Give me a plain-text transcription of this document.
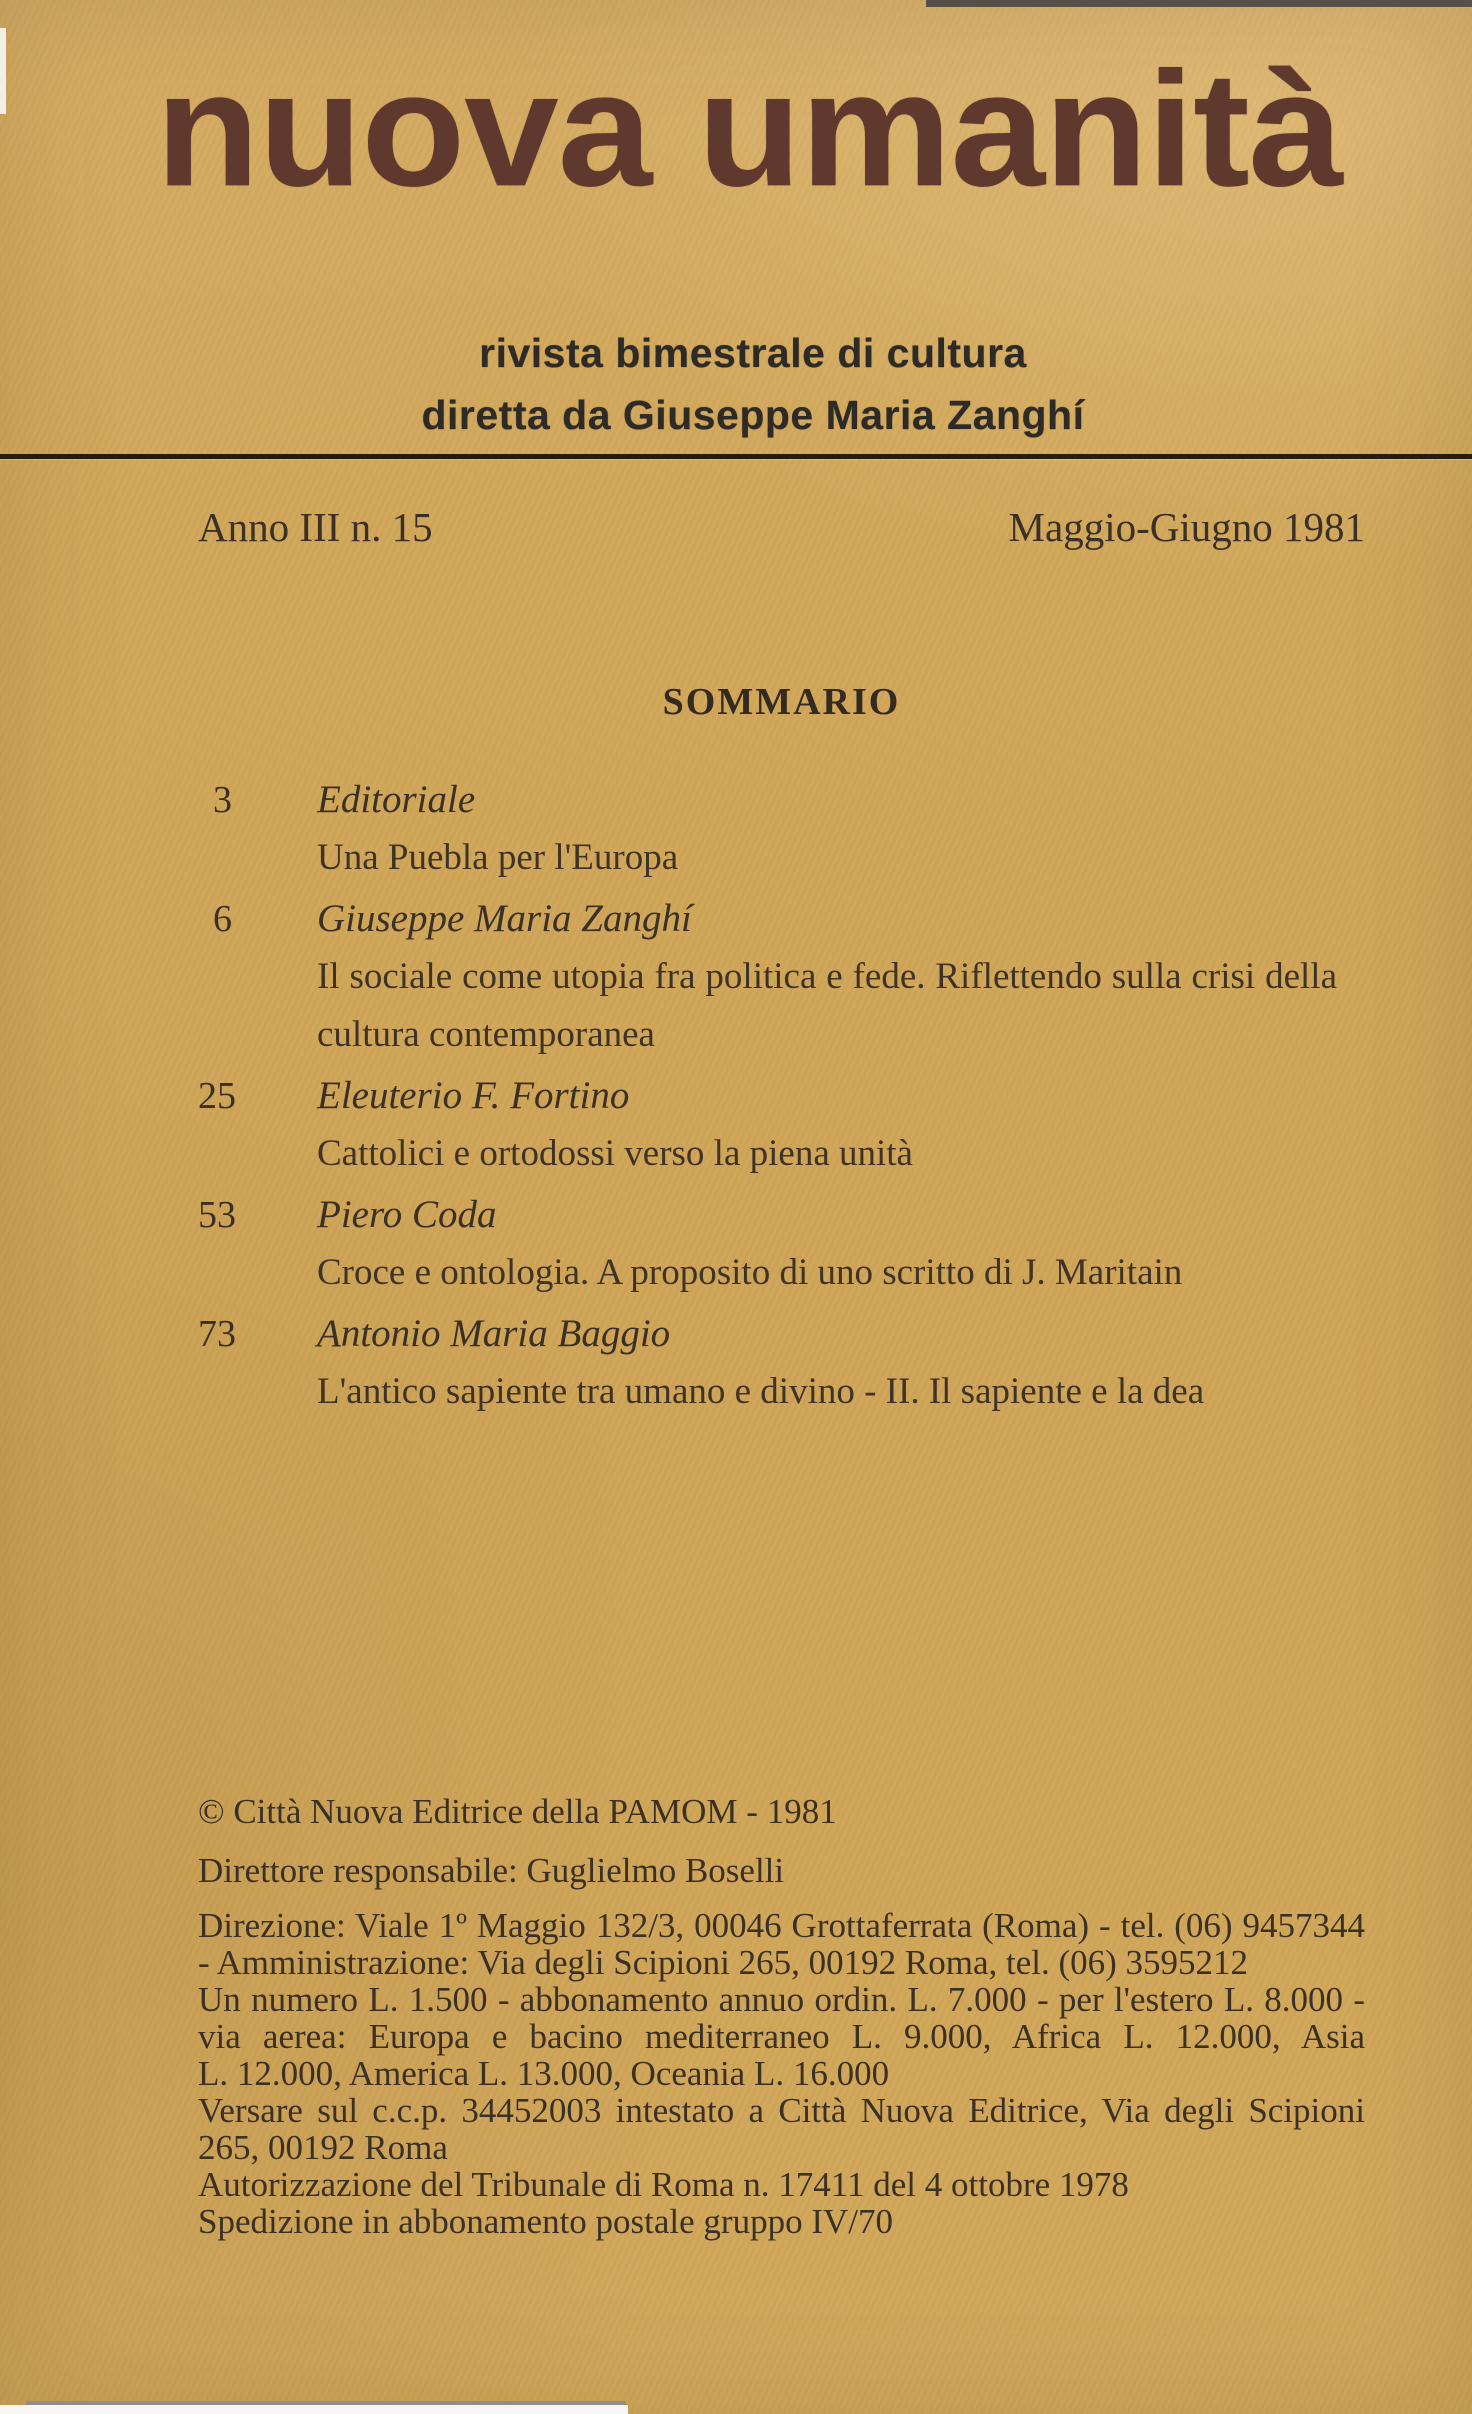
nuova umanità
rivista bimestrale di cultura
diretta da Giuseppe Maria Zanghí
Anno III n. 15	Maggio-Giugno 1981
SOMMARIO
3 Editoriale
Una Puebla per l'Europa
6 Giuseppe Maria Zanghí
Il sociale come utopia fra politica e fede. Riflettendo sulla crisi della cultura contemporanea
25 Eleuterio F. Fortino
Cattolici e ortodossi verso la piena unità
53 Piero Coda
Croce e ontologia. A proposito di uno scritto di J. Maritain
73 Antonio Maria Baggio
L'antico sapiente tra umano e divino - II. Il sapiente e la dea

© Città Nuova Editrice della PAMOM - 1981

Direttore responsabile: Guglielmo Boselli

Direzione: Viale 1º Maggio 132/3, 00046 Grottaferrata (Roma) - tel. (06) 9457344 - Amministrazione: Via degli Scipioni 265, 00192 Roma, tel. (06) 3595212

Un numero L. 1.500 - abbonamento annuo ordin. L. 7.000 - per l'estero L. 8.000 - via aerea: Europa e bacino mediterraneo L. 9.000, Africa L. 12.000, Asia L. 12.000, America L. 13.000, Oceania L. 16.000

Versare sul c.c.p. 34452003 intestato a Città Nuova Editrice, Via degli Scipioni 265, 00192 Roma

Autorizzazione del Tribunale di Roma n. 17411 del 4 ottobre 1978

Spedizione in abbonamento postale gruppo IV/70
